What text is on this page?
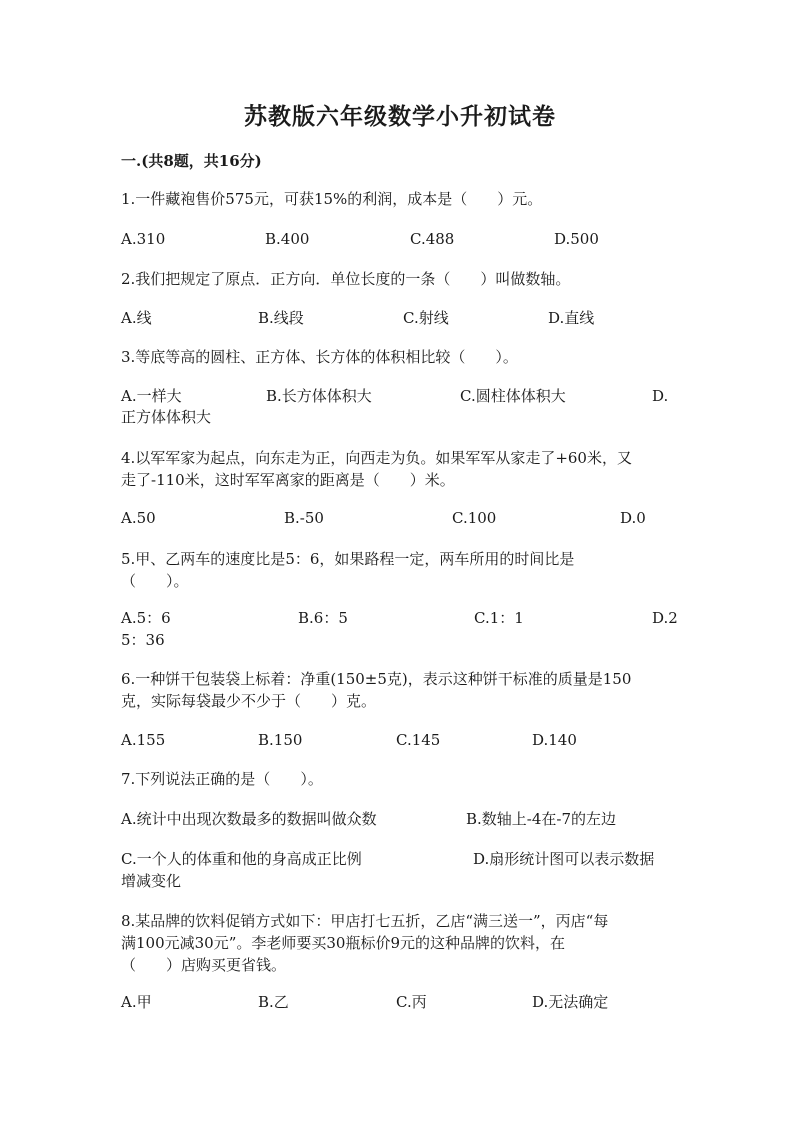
苏教版六年级数学小升初试卷
一.(共8题，共16分)
1.一件藏袍售价575元，可获15%的利润，成本是（　　）元。
A.310	B.400	C.488	D.500
2.我们把规定了原点．正方向．单位长度的一条（　　）叫做数轴。
A.线	B.线段	C.射线	D.直线
3.等底等高的圆柱、正方体、长方体的体积相比较（　　）。
A.一样大	B.长方体体积大	C.圆柱体体积大	D.
正方体体积大
4.以军军家为起点，向东走为正，向西走为负。如果军军从家走了+60米，又
走了-110米，这时军军离家的距离是（　　）米。
A.50	B.-50	C.100	D.0
5.甲、乙两车的速度比是5：6，如果路程一定，两车所用的时间比是
（　　）。
A.5：6	B.6：5	C.1：1	D.2
5：36
6.一种饼干包装袋上标着：净重(150±5克)，表示这种饼干标准的质量是150
克，实际每袋最少不少于（　　）克。
A.155	B.150	C.145	D.140
7.下列说法正确的是（　　）。
A.统计中出现次数最多的数据叫做众数	B.数轴上-4在-7的左边
C.一个人的体重和他的身高成正比例	D.扇形统计图可以表示数据
增减变化
8.某品牌的饮料促销方式如下：甲店打七五折，乙店“满三送一”，丙店“每
满100元减30元”。李老师要买30瓶标价9元的这种品牌的饮料，在
（　　）店购买更省钱。
A.甲	B.乙	C.丙	D.无法确定
